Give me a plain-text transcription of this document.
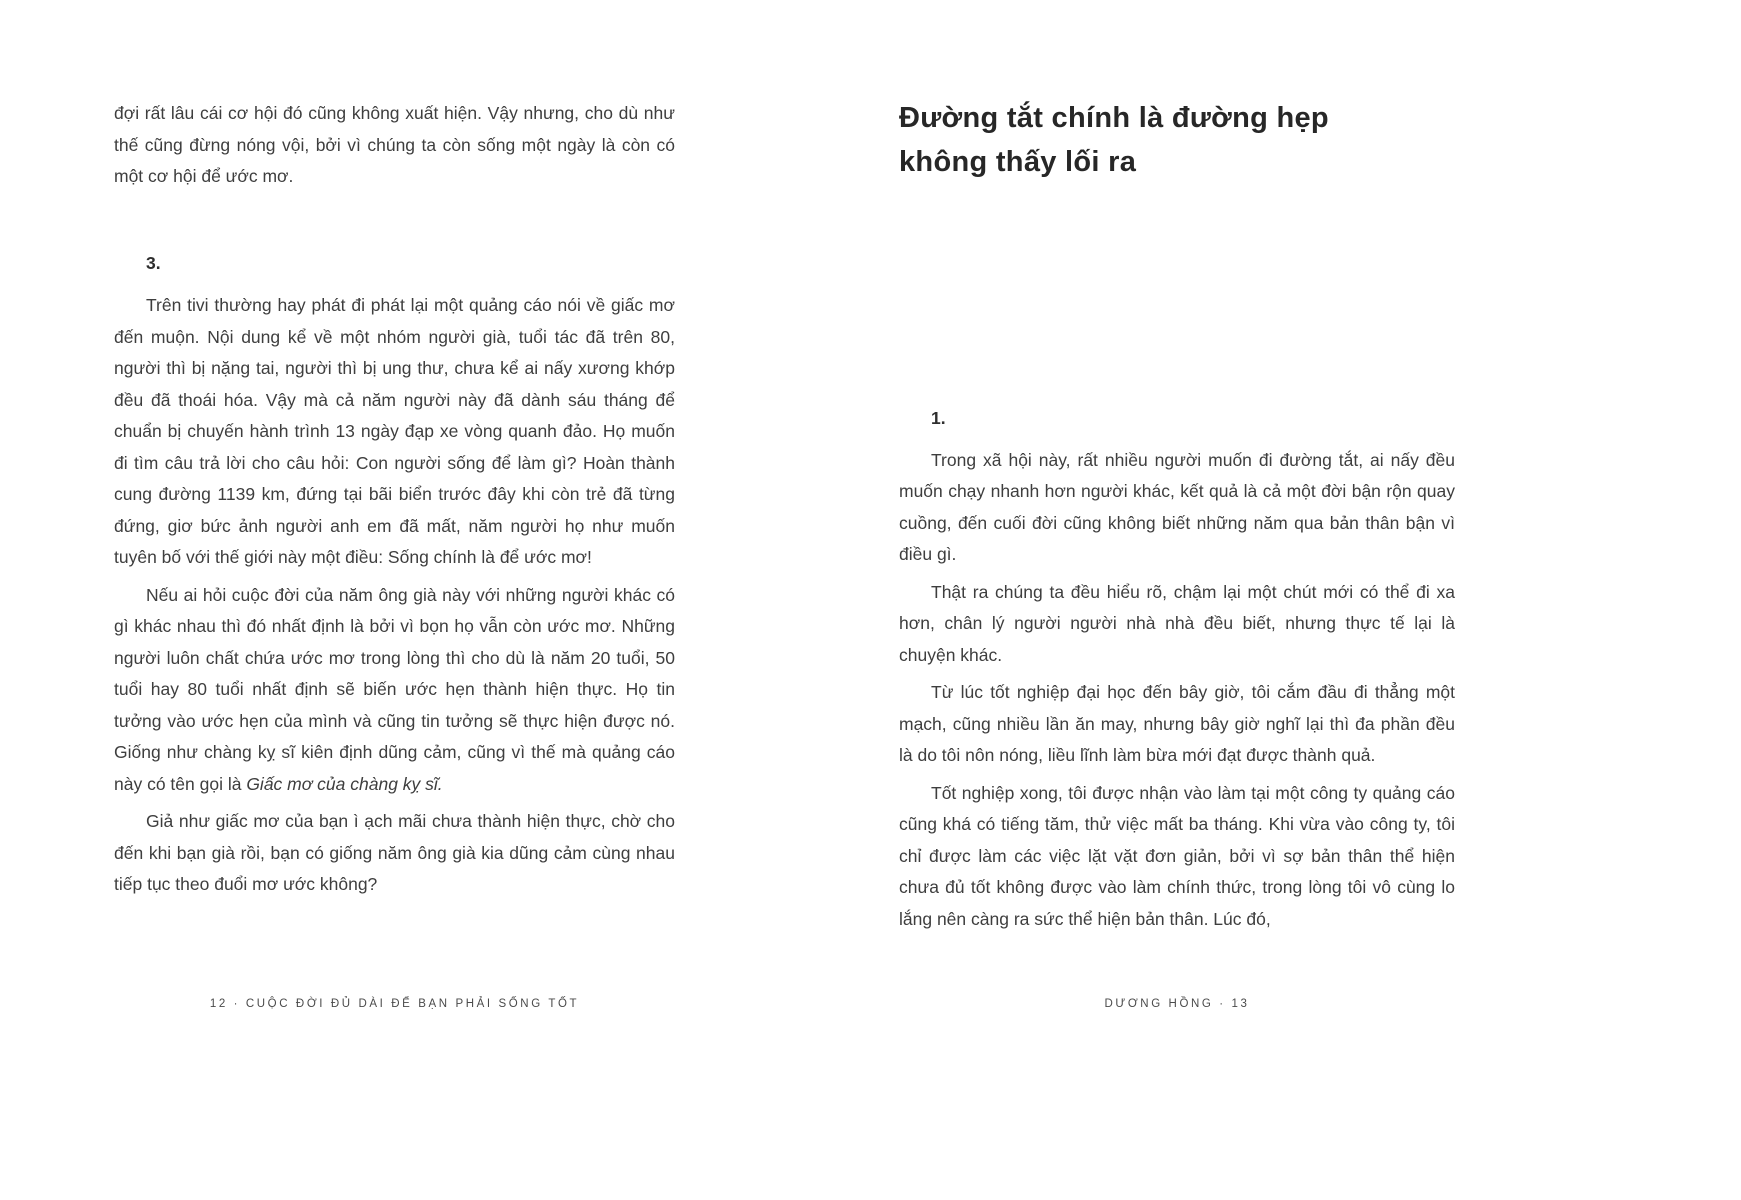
đợi rất lâu cái cơ hội đó cũng không xuất hiện. Vậy nhưng, cho dù như thế cũng đừng nóng vội, bởi vì chúng ta còn sống một ngày là còn có một cơ hội để ước mơ.

3.

Trên tivi thường hay phát đi phát lại một quảng cáo nói về giấc mơ đến muộn. Nội dung kể về một nhóm người già, tuổi tác đã trên 80, người thì bị nặng tai, người thì bị ung thư, chưa kể ai nấy xương khớp đều đã thoái hóa. Vậy mà cả năm người này đã dành sáu tháng để chuẩn bị chuyến hành trình 13 ngày đạp xe vòng quanh đảo. Họ muốn đi tìm câu trả lời cho câu hỏi: Con người sống để làm gì? Hoàn thành cung đường 1139 km, đứng tại bãi biển trước đây khi còn trẻ đã từng đứng, giơ bức ảnh người anh em đã mất, năm người họ như muốn tuyên bố với thế giới này một điều: Sống chính là để ước mơ!

Nếu ai hỏi cuộc đời của năm ông già này với những người khác có gì khác nhau thì đó nhất định là bởi vì bọn họ vẫn còn ước mơ. Những người luôn chất chứa ước mơ trong lòng thì cho dù là năm 20 tuổi, 50 tuổi hay 80 tuổi nhất định sẽ biến ước hẹn thành hiện thực. Họ tin tưởng vào ước hẹn của mình và cũng tin tưởng sẽ thực hiện được nó. Giống như chàng kỵ sĩ kiên định dũng cảm, cũng vì thế mà quảng cáo này có tên gọi là Giấc mơ của chàng kỵ sĩ.

Giả như giấc mơ của bạn ì ạch mãi chưa thành hiện thực, chờ cho đến khi bạn già rồi, bạn có giống năm ông già kia dũng cảm cùng nhau tiếp tục theo đuổi mơ ước không?

Đường tắt chính là đường hẹp
không thấy lối ra

1.

Trong xã hội này, rất nhiều người muốn đi đường tắt, ai nấy đều muốn chạy nhanh hơn người khác, kết quả là cả một đời bận rộn quay cuồng, đến cuối đời cũng không biết những năm qua bản thân bận vì điều gì.

Thật ra chúng ta đều hiểu rõ, chậm lại một chút mới có thể đi xa hơn, chân lý người người nhà nhà đều biết, nhưng thực tế lại là chuyện khác.

Từ lúc tốt nghiệp đại học đến bây giờ, tôi cắm đầu đi thẳng một mạch, cũng nhiều lần ăn may, nhưng bây giờ nghĩ lại thì đa phần đều là do tôi nôn nóng, liều lĩnh làm bừa mới đạt được thành quả.

Tốt nghiệp xong, tôi được nhận vào làm tại một công ty quảng cáo cũng khá có tiếng tăm, thử việc mất ba tháng. Khi vừa vào công ty, tôi chỉ được làm các việc lặt vặt đơn giản, bởi vì sợ bản thân thể hiện chưa đủ tốt không được vào làm chính thức, trong lòng tôi vô cùng lo lắng nên càng ra sức thể hiện bản thân. Lúc đó,

12 · CUỘC ĐỜI ĐỦ DÀI ĐỂ BẠN PHẢI SỐNG TỐT	DƯƠNG HỒNG · 13
